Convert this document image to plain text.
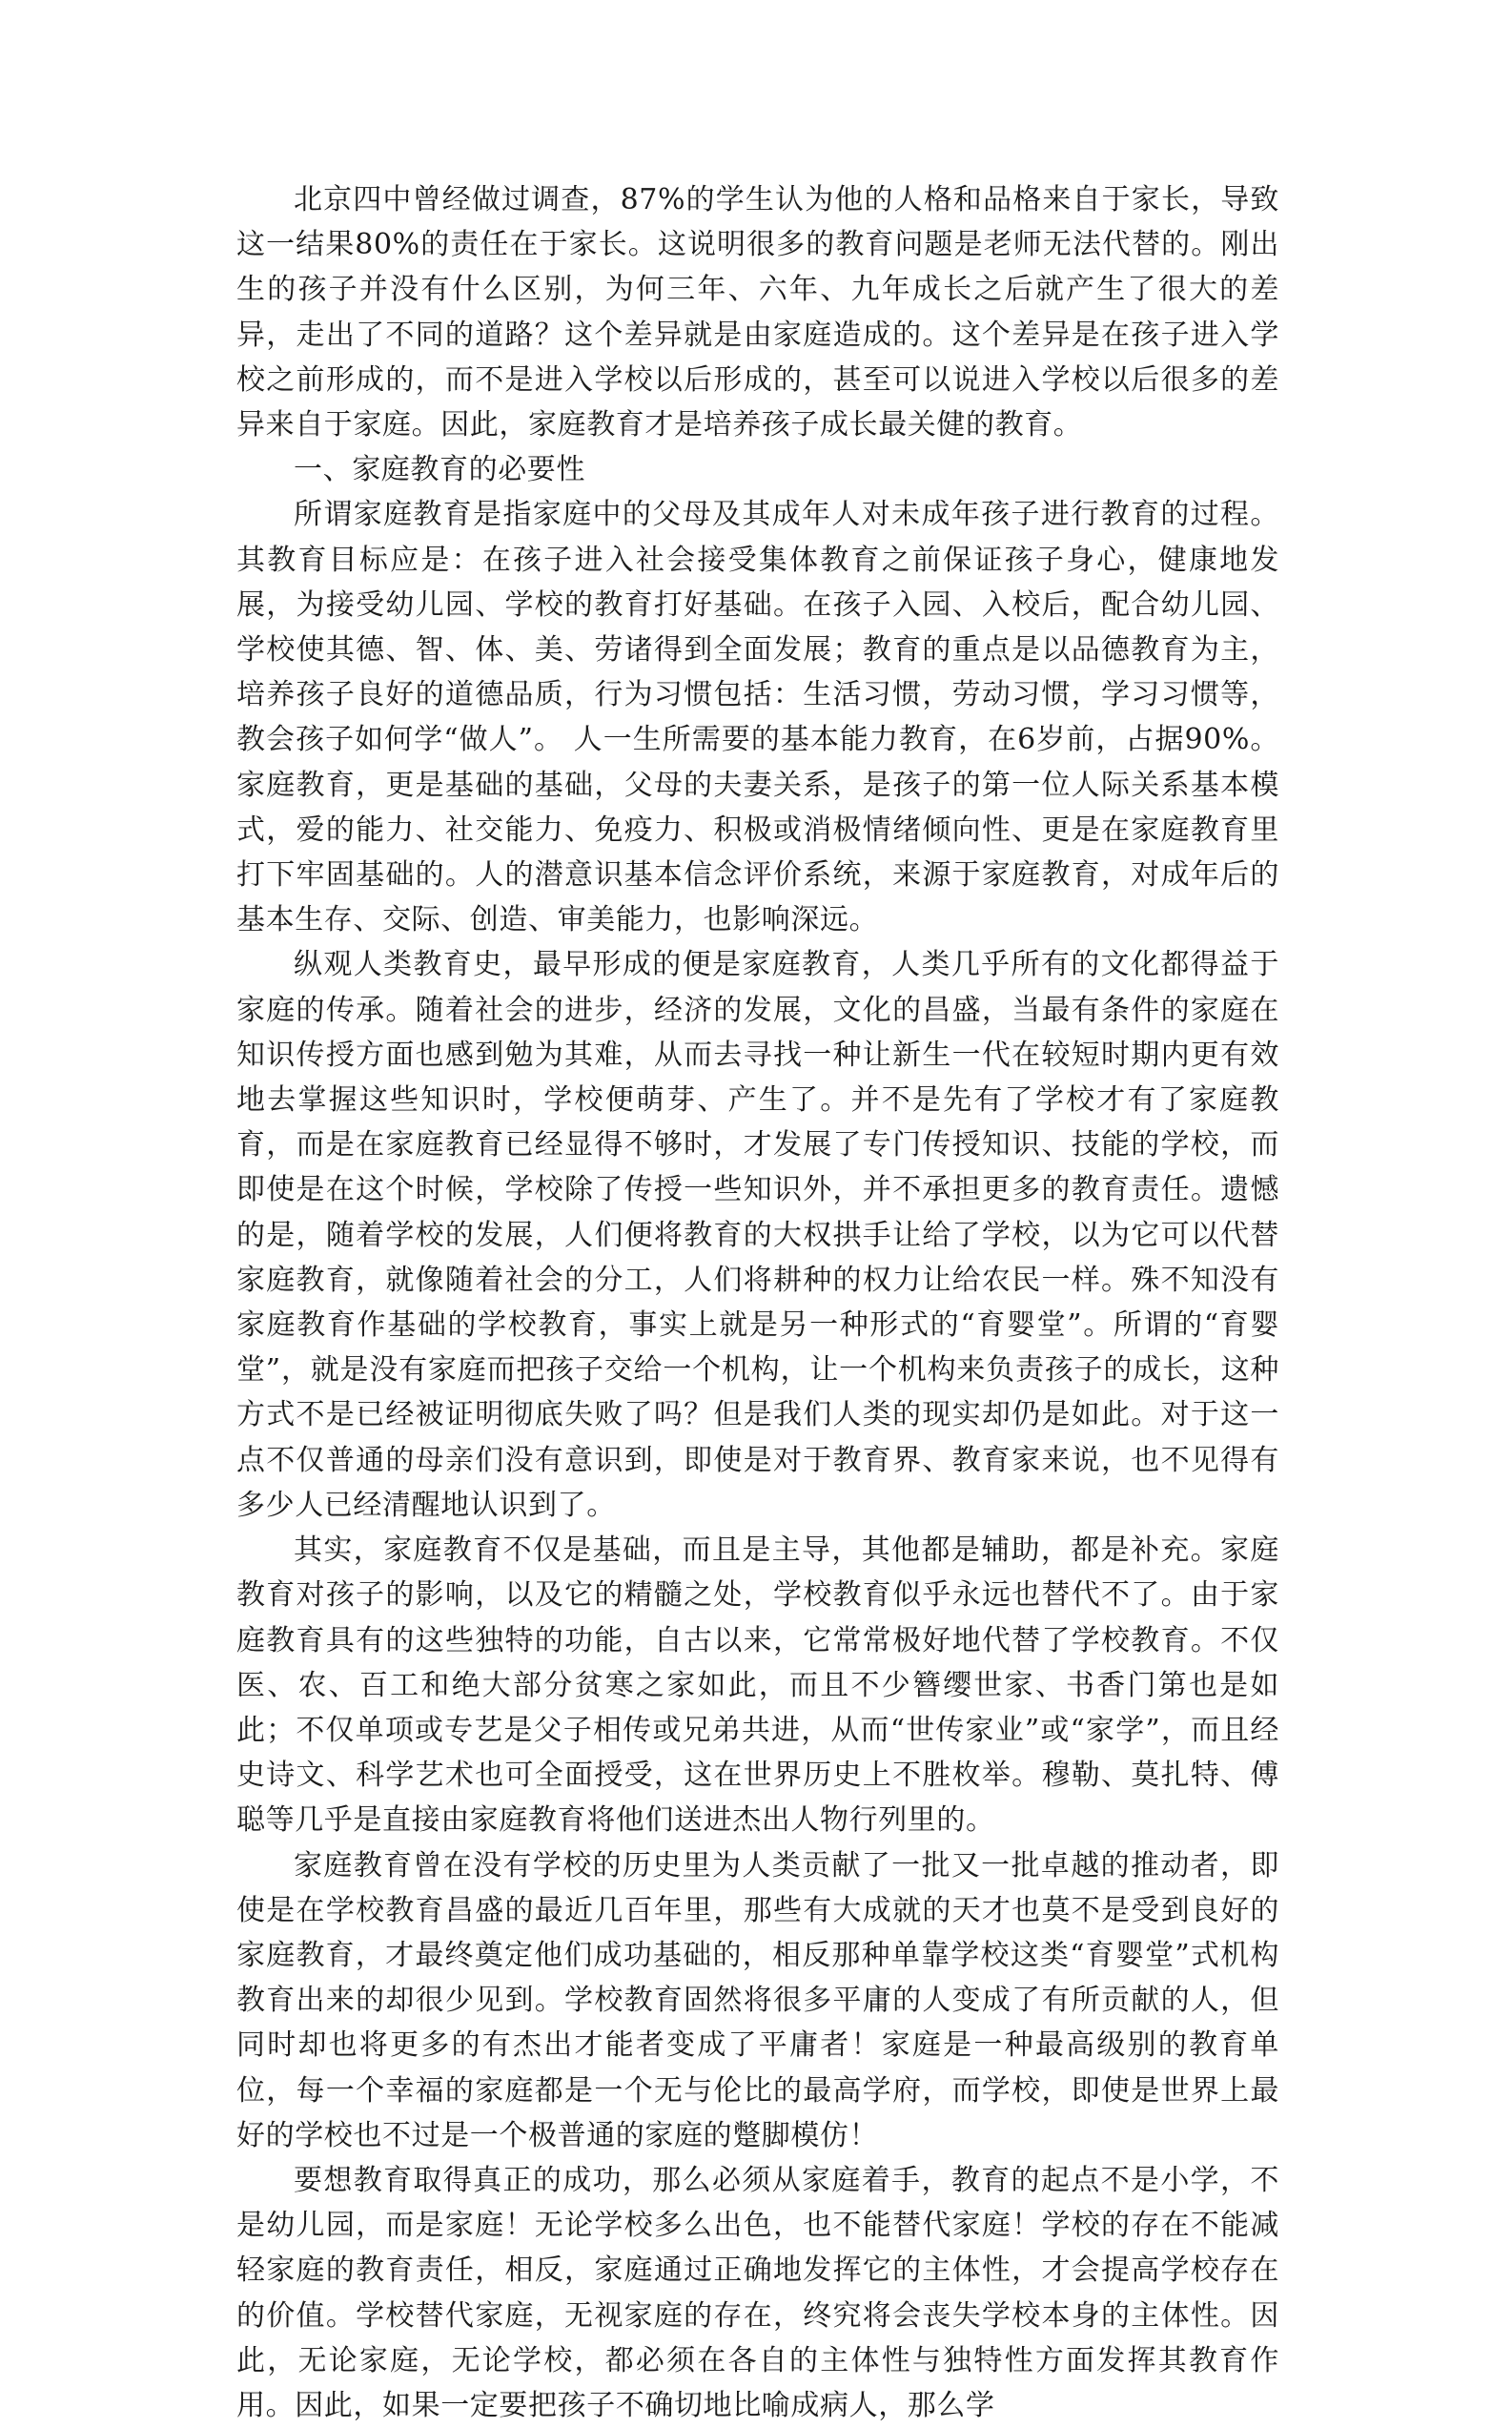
北京四中曾经做过调查，87%的学生认为他的人格和品格来自于家长，导致这一结果80%的责任在于家长。这说明很多的教育问题是老师无法代替的。刚出生的孩子并没有什么区别，为何三年、六年、九年成长之后就产生了很大的差异，走出了不同的道路？这个差异就是由家庭造成的。这个差异是在孩子进入学校之前形成的，而不是进入学校以后形成的，甚至可以说进入学校以后很多的差异来自于家庭。因此，家庭教育才是培养孩子成长最关健的教育。

一、家庭教育的必要性

所谓家庭教育是指家庭中的父母及其成年人对未成年孩子进行教育的过程。其教育目标应是：在孩子进入社会接受集体教育之前保证孩子身心，健康地发展，为接受幼儿园、学校的教育打好基础。在孩子入园、入校后，配合幼儿园、学校使其德、智、体、美、劳诸得到全面发展；教育的重点是以品德教育为主，培养孩子良好的道德品质，行为习惯包括：生活习惯，劳动习惯，学习习惯等，教会孩子如何学“做人”。 人一生所需要的基本能力教育，在6岁前，占据90%。家庭教育，更是基础的基础，父母的夫妻关系，是孩子的第一位人际关系基本模式，爱的能力、社交能力、免疫力、积极或消极情绪倾向性、更是在家庭教育里打下牢固基础的。人的潜意识基本信念评价系统，来源于家庭教育，对成年后的基本生存、交际、创造、审美能力，也影响深远。

纵观人类教育史，最早形成的便是家庭教育，人类几乎所有的文化都得益于家庭的传承。随着社会的进步，经济的发展，文化的昌盛，当最有条件的家庭在知识传授方面也感到勉为其难，从而去寻找一种让新生一代在较短时期内更有效地去掌握这些知识时，学校便萌芽、产生了。并不是先有了学校才有了家庭教育，而是在家庭教育已经显得不够时，才发展了专门传授知识、技能的学校，而即使是在这个时候，学校除了传授一些知识外，并不承担更多的教育责任。遗憾的是，随着学校的发展，人们便将教育的大权拱手让给了学校，以为它可以代替家庭教育，就像随着社会的分工，人们将耕种的权力让给农民一样。殊不知没有家庭教育作基础的学校教育，事实上就是另一种形式的“育婴堂”。所谓的“育婴堂”，就是没有家庭而把孩子交给一个机构，让一个机构来负责孩子的成长，这种方式不是已经被证明彻底失败了吗？但是我们人类的现实却仍是如此。对于这一点不仅普通的母亲们没有意识到，即使是对于教育界、教育家来说，也不见得有多少人已经清醒地认识到了。

其实，家庭教育不仅是基础，而且是主导，其他都是辅助，都是补充。家庭教育对孩子的影响，以及它的精髓之处，学校教育似乎永远也替代不了。由于家庭教育具有的这些独特的功能，自古以来，它常常极好地代替了学校教育。不仅医、农、百工和绝大部分贫寒之家如此，而且不少簪缨世家、书香门第也是如此；不仅单项或专艺是父子相传或兄弟共进，从而“世传家业”或“家学”，而且经史诗文、科学艺术也可全面授受，这在世界历史上不胜枚举。穆勒、莫扎特、傅聪等几乎是直接由家庭教育将他们送进杰出人物行列里的。

家庭教育曾在没有学校的历史里为人类贡献了一批又一批卓越的推动者，即使是在学校教育昌盛的最近几百年里，那些有大成就的天才也莫不是受到良好的家庭教育，才最终奠定他们成功基础的，相反那种单靠学校这类“育婴堂”式机构教育出来的却很少见到。学校教育固然将很多平庸的人变成了有所贡献的人，但同时却也将更多的有杰出才能者变成了平庸者！家庭是一种最高级别的教育单位，每一个幸福的家庭都是一个无与伦比的最高学府，而学校，即使是世界上最好的学校也不过是一个极普通的家庭的蹩脚模仿！

要想教育取得真正的成功，那么必须从家庭着手，教育的起点不是小学，不是幼儿园，而是家庭！无论学校多么出色，也不能替代家庭！学校的存在不能减轻家庭的教育责任，相反，家庭通过正确地发挥它的主体性，才会提高学校存在的价值。学校替代家庭，无视家庭的存在，终究将会丧失学校本身的主体性。因此，无论家庭，无论学校，都必须在各自的主体性与独特性方面发挥其教育作用。因此，如果一定要把孩子不确切地比喻成病人，那么学
